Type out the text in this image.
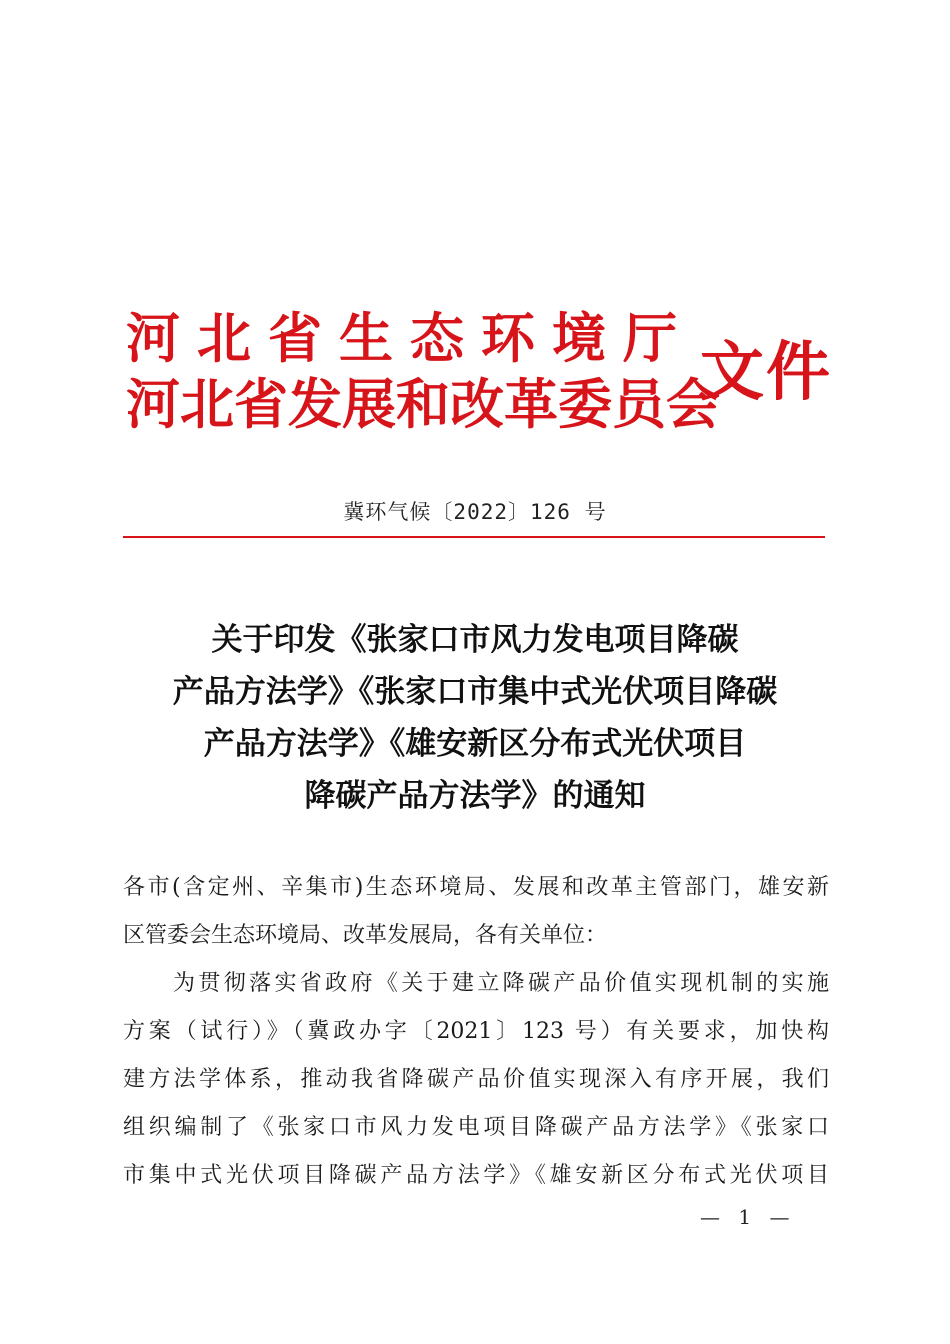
河北省生态环境厅
河北省发展和改革委员会
文件
冀环气候〔2022〕126 号
关于印发《张家口市风力发电项目降碳
产品方法学》《张家口市集中式光伏项目降碳
产品方法学》《雄安新区分布式光伏项目
降碳产品方法学》的通知
各市(含定州、辛集市)生态环境局、发展和改革主管部门，雄安新
区管委会生态环境局、改革发展局，各有关单位：
为贯彻落实省政府《关于建立降碳产品价值实现机制的实施
方案（试行）》（冀政办字〔2021〕123 号）有关要求，加快构
建方法学体系，推动我省降碳产品价值实现深入有序开展，我们
组织编制了《张家口市风力发电项目降碳产品方法学》《张家口
市集中式光伏项目降碳产品方法学》《雄安新区分布式光伏项目
— 1 —
